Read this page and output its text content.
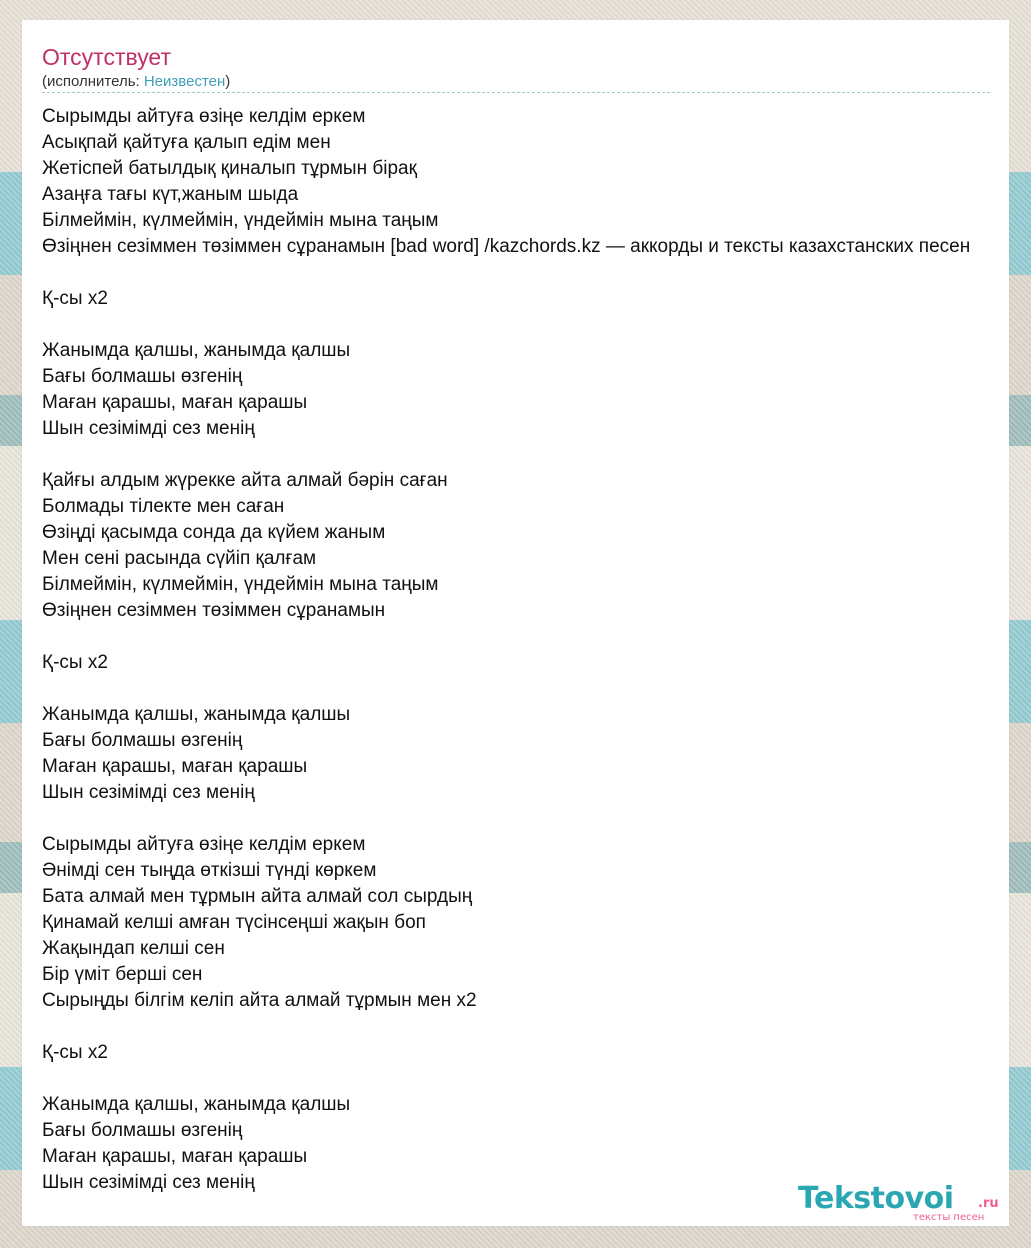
Отсутствует
(исполнитель: Неизвестен)
Сырымды айтуға өзіңе келдім еркем
Асықпай қайтуға қалып едім мен
Жетіспей батылдық қиналып тұрмын бірақ
Азаңға тағы күт,жаным шыда
Білмеймін, күлмеймін, үндеймін мына таңым
Өзіңнен сезіммен төзіммен сұранамын [bad word] /kazchords.kz — аккорды и тексты казахстанских песен
Қ-сы х2
Жанымда қалшы, жанымда қалшы
Бағы болмашы өзгенің
Маған қарашы, маған қарашы
Шын сезімімді сез менің
Қайғы алдым жүрекке айта алмай бәрін саған
Болмады тілекте мен саған
Өзіңді қасымда сонда да күйем жаным
Мен сені расында сүйіп қалғам
Білмеймін, күлмеймін, үндеймін мына таңым
Өзіңнен сезіммен төзіммен сұранамын
Қ-сы х2
Жанымда қалшы, жанымда қалшы
Бағы болмашы өзгенің
Маған қарашы, маған қарашы
Шын сезімімді сез менің
Сырымды айтуға өзіңе келдім еркем
Әнімді сен тыңда өткізші түнді көркем
Бата алмай мен тұрмын айта алмай сол сырдың
Қинамай келші амған түсінсеңші жақын боп
Жақындап келші сен
Бір үміт берші сен
Сырыңды білгім келіп айта алмай тұрмын мен х2
Қ-сы х2
Жанымда қалшы, жанымда қалшы
Бағы болмашы өзгенің
Маған қарашы, маған қарашы
Шын сезімімді сез менің	Tekstovoi .ru
тексты песен
